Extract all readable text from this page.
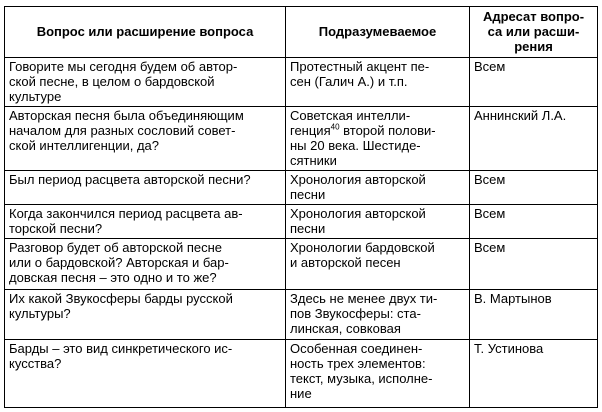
Вопрос или расширение вопроса	Подразумеваемое	Адресат вопро-
са или расши-
рения
Говорите мы сегодня будем об автор-
ской песне, в целом о бардовской
культуре	Протестный акцент пе-
сен (Галич А.) и т.п.	Всем
Авторская песня была объединяющим
началом для разных сословий совет-
ской интеллигенции, да?	Советская интелли-
генция$^{40}$ второй полови-
ны 20 века. Шестиде-
сятники	Аннинский Л.А.
Был период расцвета авторской песни?	Хронология авторской
песни	Всем
Когда закончился период расцвета ав-
торской песни?	Хронология авторской
песни	Всем
Разговор будет об авторской песне
или о бардовской? Авторская и бар-
довская песня – это одно и то же?	Хронологии бардовской
и авторской песен	Всем
Их какой Звукосферы барды русской
культуры?	Здесь не менее двух ти-
пов Звукосферы: ста-
линская, совковая	В. Мартынов
Барды – это вид синкретического ис-
кусства?	Особенная соединен-
ность трех элементов:
текст, музыка, исполне-
ние	Т. Устинова
